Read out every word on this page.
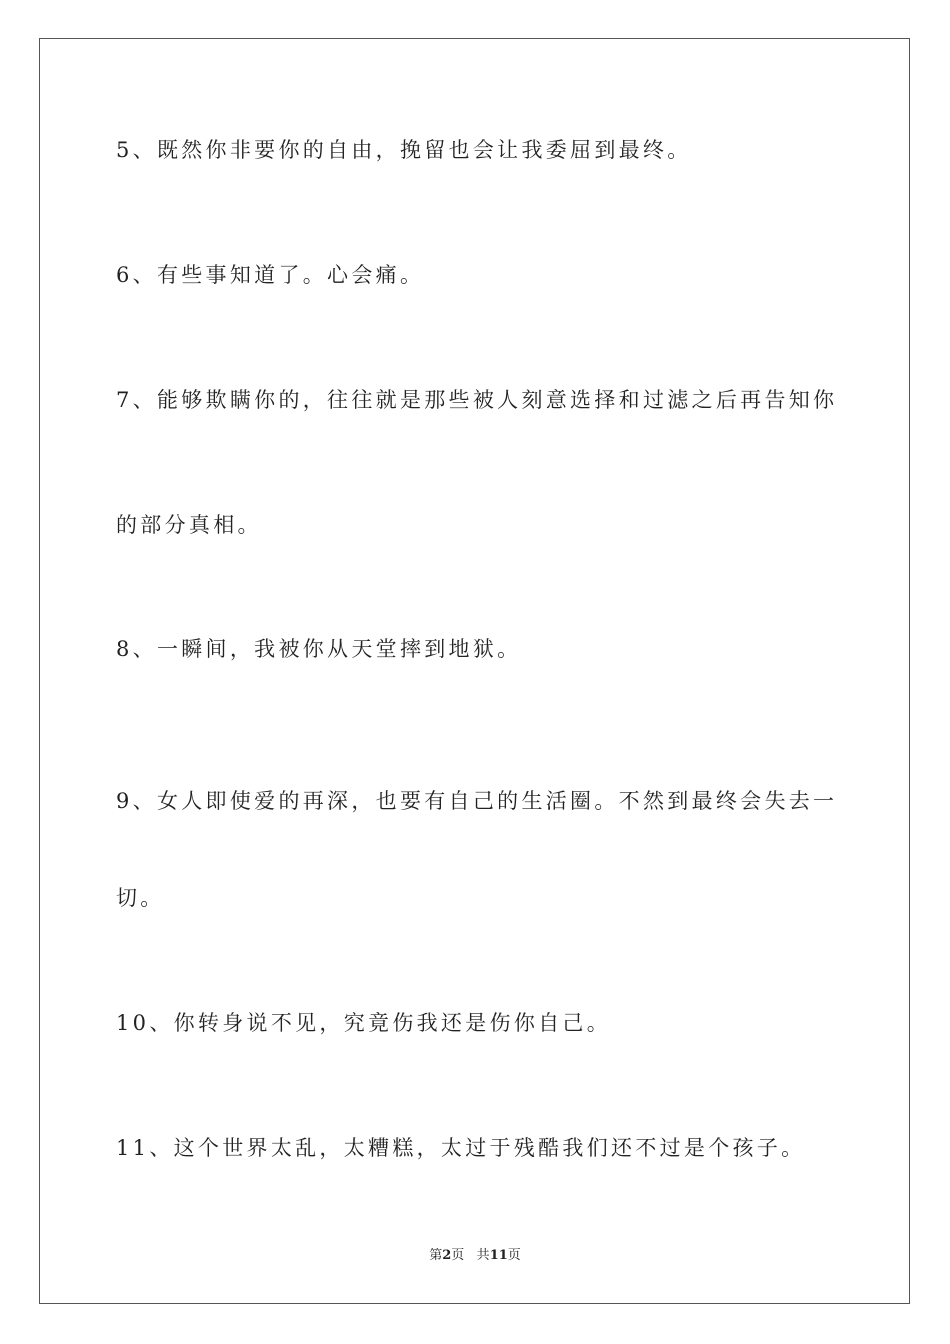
5、既然你非要你的自由，挽留也会让我委屈到最终。
6、有些事知道了。心会痛。
7、能够欺瞒你的，往往就是那些被人刻意选择和过滤之后再告知你
的部分真相。
8、一瞬间，我被你从天堂摔到地狱。
9、女人即使爱的再深，也要有自己的生活圈。不然到最终会失去一
切。
10、你转身说不见，究竟伤我还是伤你自己。
11、这个世界太乱，太糟糕，太过于残酷我们还不过是个孩子。
第2页 共11页
